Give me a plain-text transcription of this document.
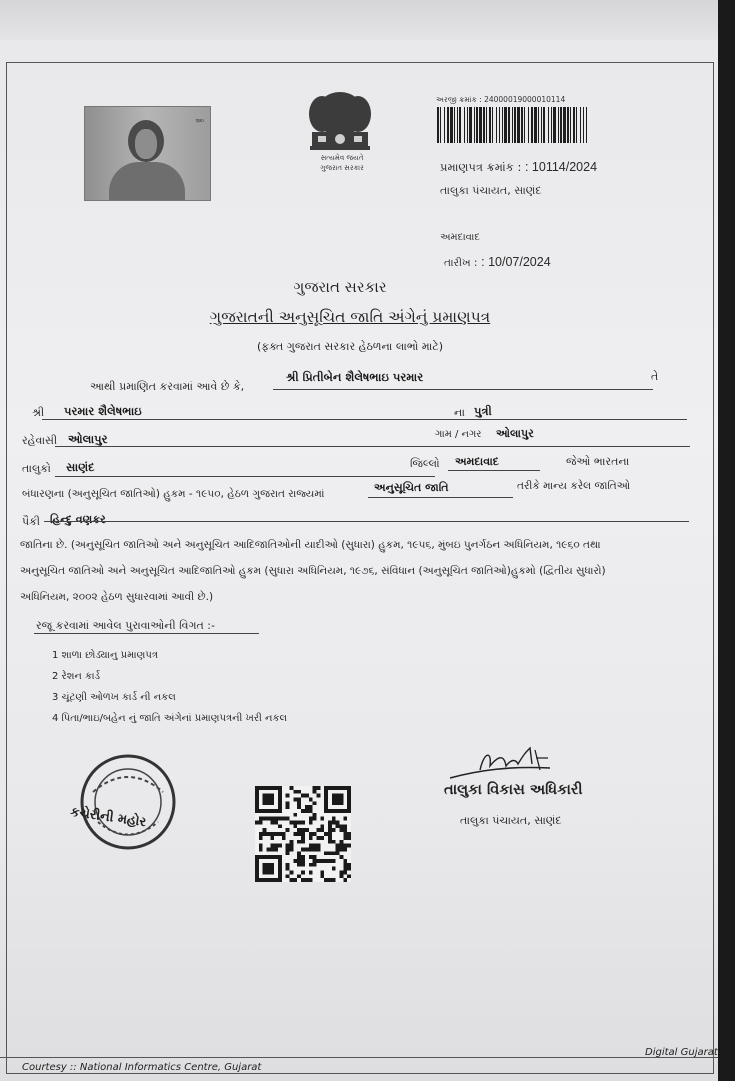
ఇల
સત્યમેવ જયતે
ગુજરાત સરકાર
અરજી ક્રમાંક : 24000019000010114
પ્રમાણપત્ર ક્રમાંક : : 10114/2024
તાલુકા પંચાયત, સાણંદ
અમદાવાદ
તારીખ : : 10/07/2024
ગુજરાત સરકાર
ગુજરાતની અનુસૂચિત જાતિ અંગેનું પ્રમાણપત્ર
(ફક્ત ગુજરાત સરકાર હેઠળના લાભો માટે)
આથી પ્રમાણિત કરવામાં આવે છે કે,
શ્રી પ્રિતીબેન શૈલેષભાઇ પરમાર	તે
શ્રી પરમાર શૈલેષભાઇ	ના પુત્રી
રહેવાસી ઓલાપુર	ગામ / નગર ઓલાપુર
તાલુકો સાણંદ	જિલ્લો અમદાવાદ	જેઓ ભારતના
બંધારણના (અનુસૂચિત જાતિઓ) હુકમ - ૧૯૫૦, હેઠળ ગુજરાત રાજ્યમાં	અનુસૂચિત જાતિ	તરીકે માન્ય કરેલ જાતિઓ
પૈકી હિન્દુ વણકર
જાતિના છે. (અનુસૂચિત જાતિઓ અને અનુસૂચિત આદિજાતિઓની યાદીઓ (સુધારા) હુકમ, ૧૯૫૬, મુંબઇ પુનર્ગઠન અધિનિયમ, ૧૯૬૦ તથા
અનુસૂચિત જાતિઓ અને અનુસૂચિત આદિજાતિઓ હુકમ (સુધારા અધિનિયમ, ૧૯૭૬, સંવિધાન (અનુસૂચિત જાતિઓ)હુકમો (દ્વિતીય સુધારો)
અધિનિયમ, ૨૦૦૨ હેઠળ સુધારવામાં આવી છે.)
રજૂ કરવામાં આવેલ પુરાવાઓની વિગત :-
1 શાળા છોડ્યાનુ પ્રમાણપત્ર
2 રેશન કાર્ડ
3 ચૂંટણી ઓળખ કાર્ડ ની નકલ
4 પિતા/ભાઇ/બહેન નું જાતિ અંગેનાં પ્રમાણપત્રની ખરી નકલ
કચેરીની મહોર
તાલુકા વિકાસ અધિકારી
તાલુકા પંચાયત, સાણંદ
Digital Gujarat
Courtesy :: National Informatics Centre, Gujarat
